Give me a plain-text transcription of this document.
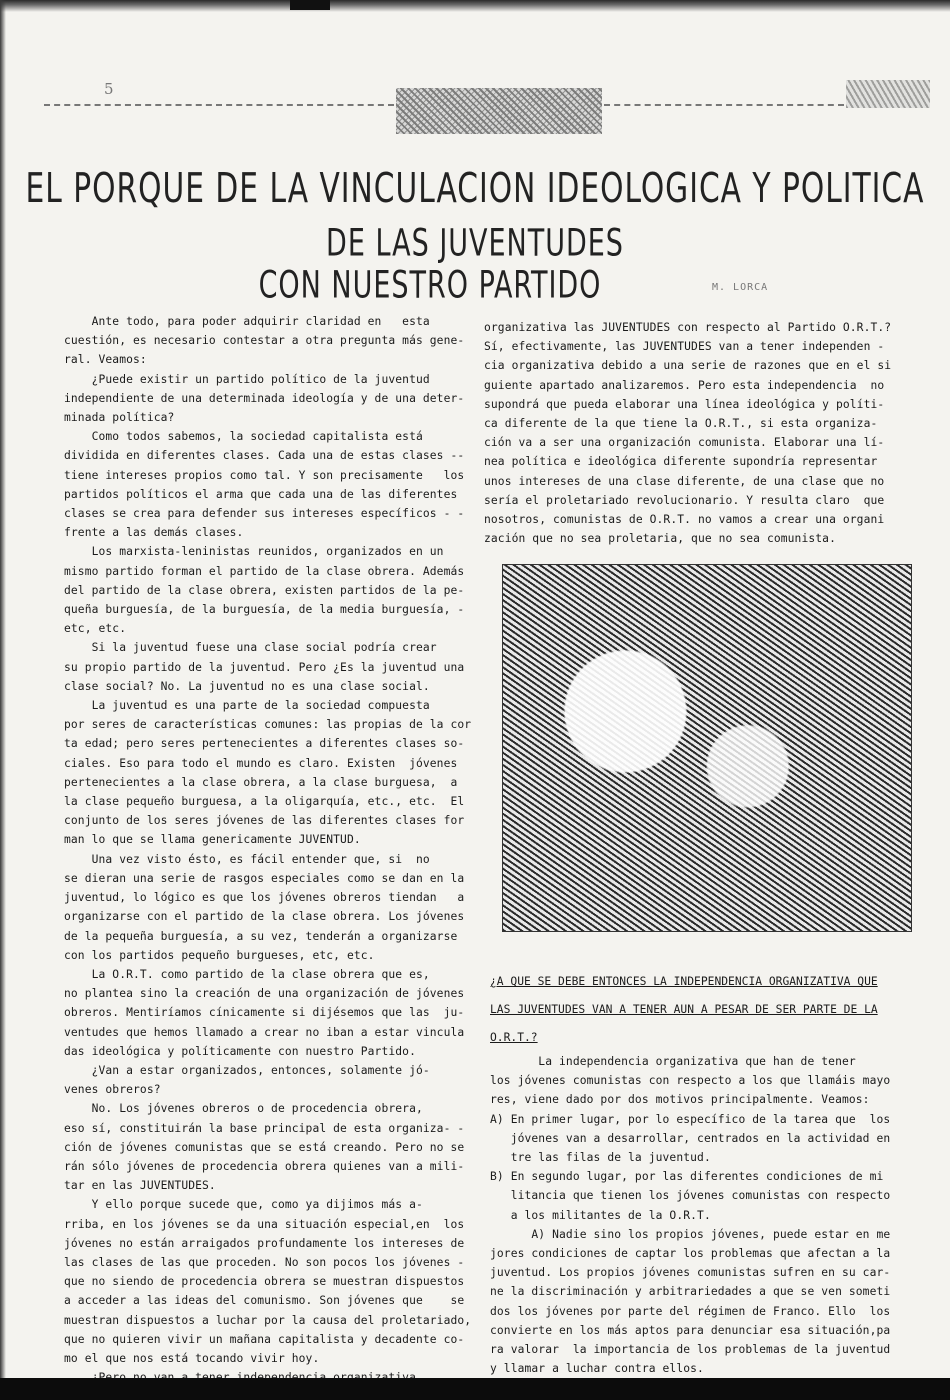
5
EL PORQUE DE LA VINCULACION IDEOLOGICA Y POLITICA
DE LAS JUVENTUDES
CON NUESTRO PARTIDO	M. LORCA

Ante todo, para poder adquirir claridad en   esta

cuestión, es necesario contestar a otra pregunta más gene-

ral. Veamos:

¿Puede existir un partido político de la juventud

independiente de una determinada ideología y de una deter-

minada política?

Como todos sabemos, la sociedad capitalista está

dividida en diferentes clases. Cada una de estas clases --

tiene intereses propios como tal. Y son precisamente   los

partidos políticos el arma que cada una de las diferentes

clases se crea para defender sus intereses específicos - -

frente a las demás clases.

Los marxista-leninistas reunidos, organizados en un

mismo partido forman el partido de la clase obrera. Además

del partido de la clase obrera, existen partidos de la pe-

queña burguesía, de la burguesía, de la media burguesía, -

etc, etc.

Si la juventud fuese una clase social podría crear

su propio partido de la juventud. Pero ¿Es la juventud una

clase social? No. La juventud no es una clase social.

La juventud es una parte de la sociedad compuesta

por seres de características comunes: las propias de la cor

ta edad; pero seres pertenecientes a diferentes clases so-

ciales. Eso para todo el mundo es claro. Existen  jóvenes

pertenecientes a la clase obrera, a la clase burguesa,  a

la clase pequeño burguesa, a la oligarquía, etc., etc.  El

conjunto de los seres jóvenes de las diferentes clases for

man lo que se llama genericamente JUVENTUD.

Una vez visto ésto, es fácil entender que, si  no

se dieran una serie de rasgos especiales como se dan en la

juventud, lo lógico es que los jóvenes obreros tiendan   a

organizarse con el partido de la clase obrera. Los jóvenes

de la pequeña burguesía, a su vez, tenderán a organizarse

con los partidos pequeño burgueses, etc, etc.

La O.R.T. como partido de la clase obrera que es,

no plantea sino la creación de una organización de jóvenes

obreros. Mentiríamos cínicamente si dijésemos que las  ju-

ventudes que hemos llamado a crear no iban a estar vincula

das ideológica y políticamente con nuestro Partido.

¿Van a estar organizados, entonces, solamente jó-

venes obreros?

No. Los jóvenes obreros o de procedencia obrera,

eso sí, constituirán la base principal de esta organiza- -

ción de jóvenes comunistas que se está creando. Pero no se

rán sólo jóvenes de procedencia obrera quienes van a mili-

tar en las JUVENTUDES.

Y ello porque sucede que, como ya dijimos más a-

rriba, en los jóvenes se da una situación especial,en  los

jóvenes no están arraigados profundamente los intereses de

las clases de las que proceden. No son pocos los jóvenes -

que no siendo de procedencia obrera se muestran dispuestos

a acceder a las ideas del comunismo. Son jóvenes que    se

muestran dispuestos a luchar por la causa del proletariado,

que no quieren vivir un mañana capitalista y decadente co-

mo el que nos está tocando vivir hoy.

organizativa las JUVENTUDES con respecto al Partido O.R.T.?

Sí, efectivamente, las JUVENTUDES van a tener independen -

cia organizativa debido a una serie de razones que en el si

guiente apartado analizaremos. Pero esta independencia  no

supondrá que pueda elaborar una línea ideológica y políti-

ca diferente de la que tiene la O.R.T., si esta organiza-

ción va a ser una organización comunista. Elaborar una lí-

nea política e ideológica diferente supondría representar

unos intereses de una clase diferente, de una clase que no

sería el proletariado revolucionario. Y resulta claro  que

nosotros, comunistas de O.R.T. no vamos a crear una organi

zación que no sea proletaria, que no sea comunista.

¿A QUE SE DEBE ENTONCES LA INDEPENDENCIA ORGANIZATIVA QUE

LAS JUVENTUDES VAN A TENER AUN A PESAR DE SER PARTE DE LA

O.R.T.?

La independencia organizativa que han de tener

los jóvenes comunistas con respecto a los que llamáis mayo

res, viene dado por dos motivos principalmente. Veamos:

A) En primer lugar, por lo específico de la tarea que  los

jóvenes van a desarrollar, centrados en la actividad en

tre las filas de la juventud.

B) En segundo lugar, por las diferentes condiciones de mi

litancia que tienen los jóvenes comunistas con respecto

a los militantes de la O.R.T.

A) Nadie sino los propios jóvenes, puede estar en me

jores condiciones de captar los problemas que afectan a la

juventud. Los propios jóvenes comunistas sufren en su car-

ne la discriminación y arbitrariedades a que se ven someti

dos los jóvenes por parte del régimen de Franco. Ello  los

convierte en los más aptos para denunciar esa situación,pa

ra valorar  la importancia de los problemas de la juventud

y llamar a luchar contra ellos.
